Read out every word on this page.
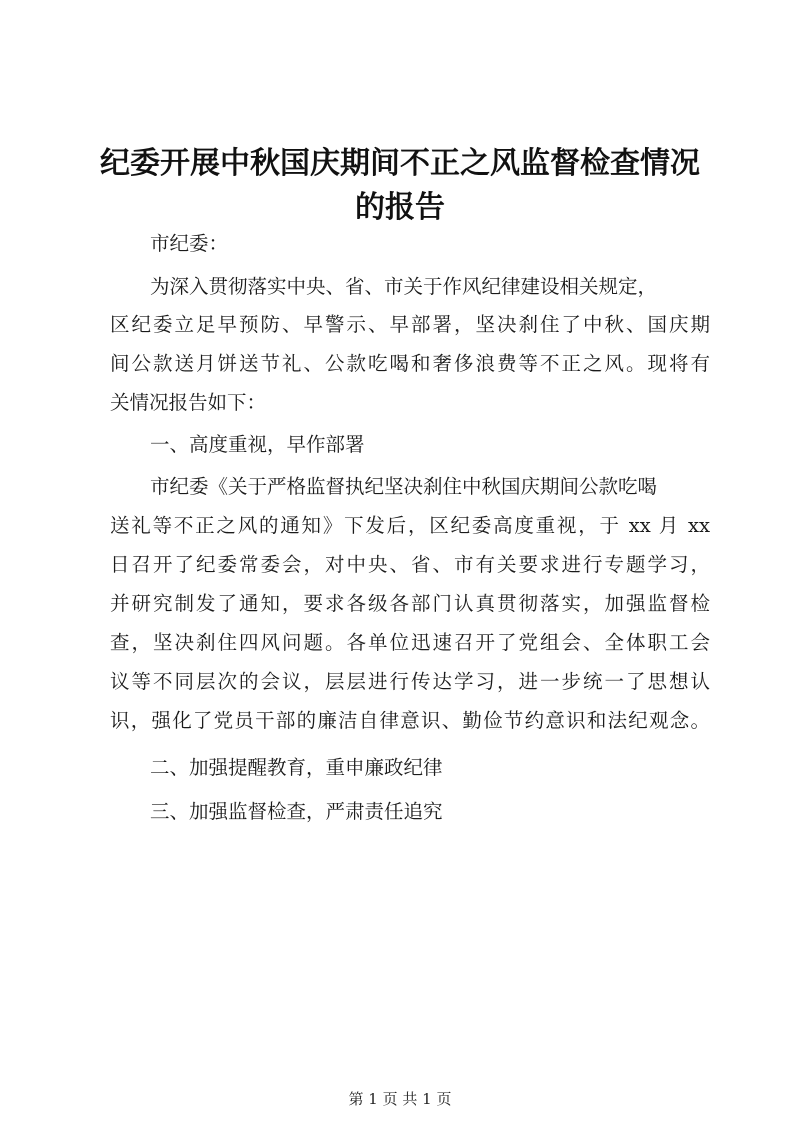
纪委开展中秋国庆期间不正之风监督检查情况
的报告
市纪委：
为深入贯彻落实中央、省、市关于作风纪律建设相关规定，
区纪委立足早预防、早警示、早部署，坚决刹住了中秋、国庆期
间公款送月饼送节礼、公款吃喝和奢侈浪费等不正之风。现将有
关情况报告如下：
一、高度重视，早作部署
市纪委《关于严格监督执纪坚决刹住中秋国庆期间公款吃喝
送礼等不正之风的通知》下发后，区纪委高度重视，于 xx 月 xx
日召开了纪委常委会，对中央、省、市有关要求进行专题学习，
并研究制发了通知，要求各级各部门认真贯彻落实，加强监督检
查，坚决刹住四风问题。各单位迅速召开了党组会、全体职工会
议等不同层次的会议，层层进行传达学习，进一步统一了思想认
识，强化了党员干部的廉洁自律意识、勤俭节约意识和法纪观念。
二、加强提醒教育，重申廉政纪律
三、加强监督检查，严肃责任追究
第 1 页 共 1 页
